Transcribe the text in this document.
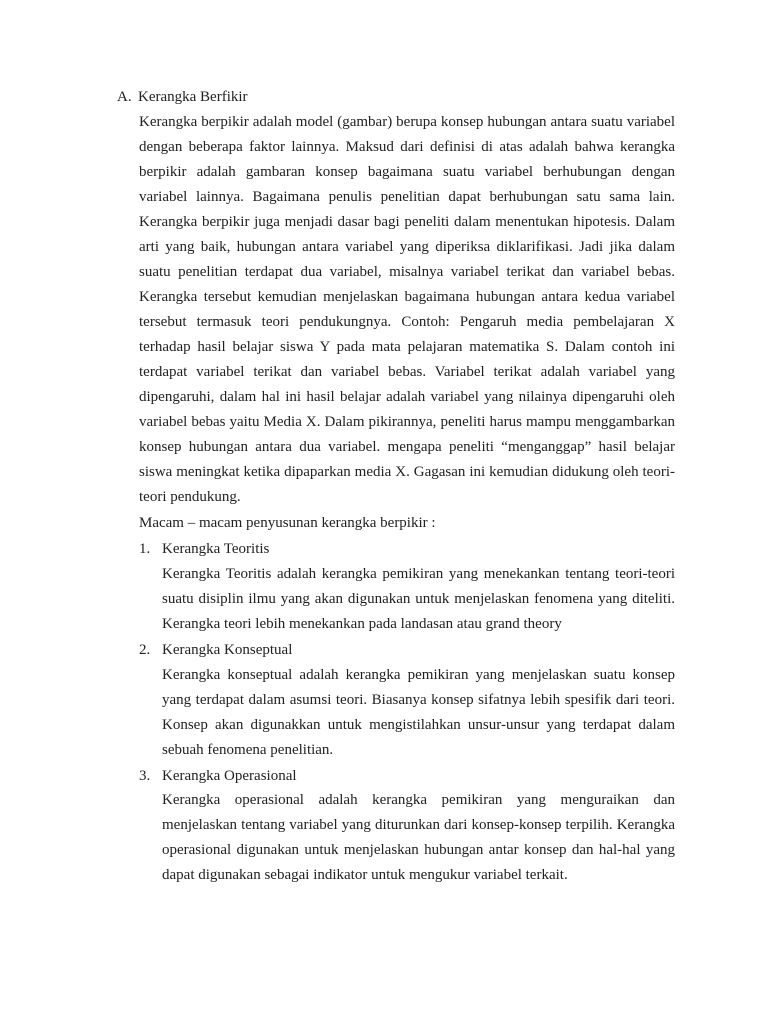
A. Kerangka Berfikir
Kerangka berpikir adalah model (gambar) berupa konsep hubungan antara suatu variabel dengan beberapa faktor lainnya. Maksud dari definisi di atas adalah bahwa kerangka berpikir adalah gambaran konsep bagaimana suatu variabel berhubungan dengan variabel lainnya. Bagaimana penulis penelitian dapat berhubungan satu sama lain. Kerangka berpikir juga menjadi dasar bagi peneliti dalam menentukan hipotesis. Dalam arti yang baik, hubungan antara variabel yang diperiksa diklarifikasi. Jadi jika dalam suatu penelitian terdapat dua variabel, misalnya variabel terikat dan variabel bebas. Kerangka tersebut kemudian menjelaskan bagaimana hubungan antara kedua variabel tersebut termasuk teori pendukungnya. Contoh: Pengaruh media pembelajaran X terhadap hasil belajar siswa Y pada mata pelajaran matematika S. Dalam contoh ini terdapat variabel terikat dan variabel bebas. Variabel terikat adalah variabel yang dipengaruhi, dalam hal ini hasil belajar adalah variabel yang nilainya dipengaruhi oleh variabel bebas yaitu Media X. Dalam pikirannya, peneliti harus mampu menggambarkan konsep hubungan antara dua variabel. mengapa peneliti “menganggap” hasil belajar siswa meningkat ketika dipaparkan media X. Gagasan ini kemudian didukung oleh teori-teori pendukung.
Macam – macam penyusunan kerangka berpikir :
1. Kerangka Teoritis
Kerangka Teoritis adalah kerangka pemikiran yang menekankan tentang teori-teori suatu disiplin ilmu yang akan digunakan untuk menjelaskan fenomena yang diteliti. Kerangka teori lebih menekankan pada landasan atau grand theory
2. Kerangka Konseptual
Kerangka konseptual adalah kerangka pemikiran yang menjelaskan suatu konsep yang terdapat dalam asumsi teori. Biasanya konsep sifatnya lebih spesifik dari teori. Konsep akan digunakkan untuk mengistilahkan unsur-unsur yang terdapat dalam sebuah fenomena penelitian.
3. Kerangka Operasional
Kerangka operasional adalah kerangka pemikiran yang menguraikan dan menjelaskan tentang variabel yang diturunkan dari konsep-konsep terpilih. Kerangka operasional digunakan untuk menjelaskan hubungan antar konsep dan hal-hal yang dapat digunakan sebagai indikator untuk mengukur variabel terkait.
